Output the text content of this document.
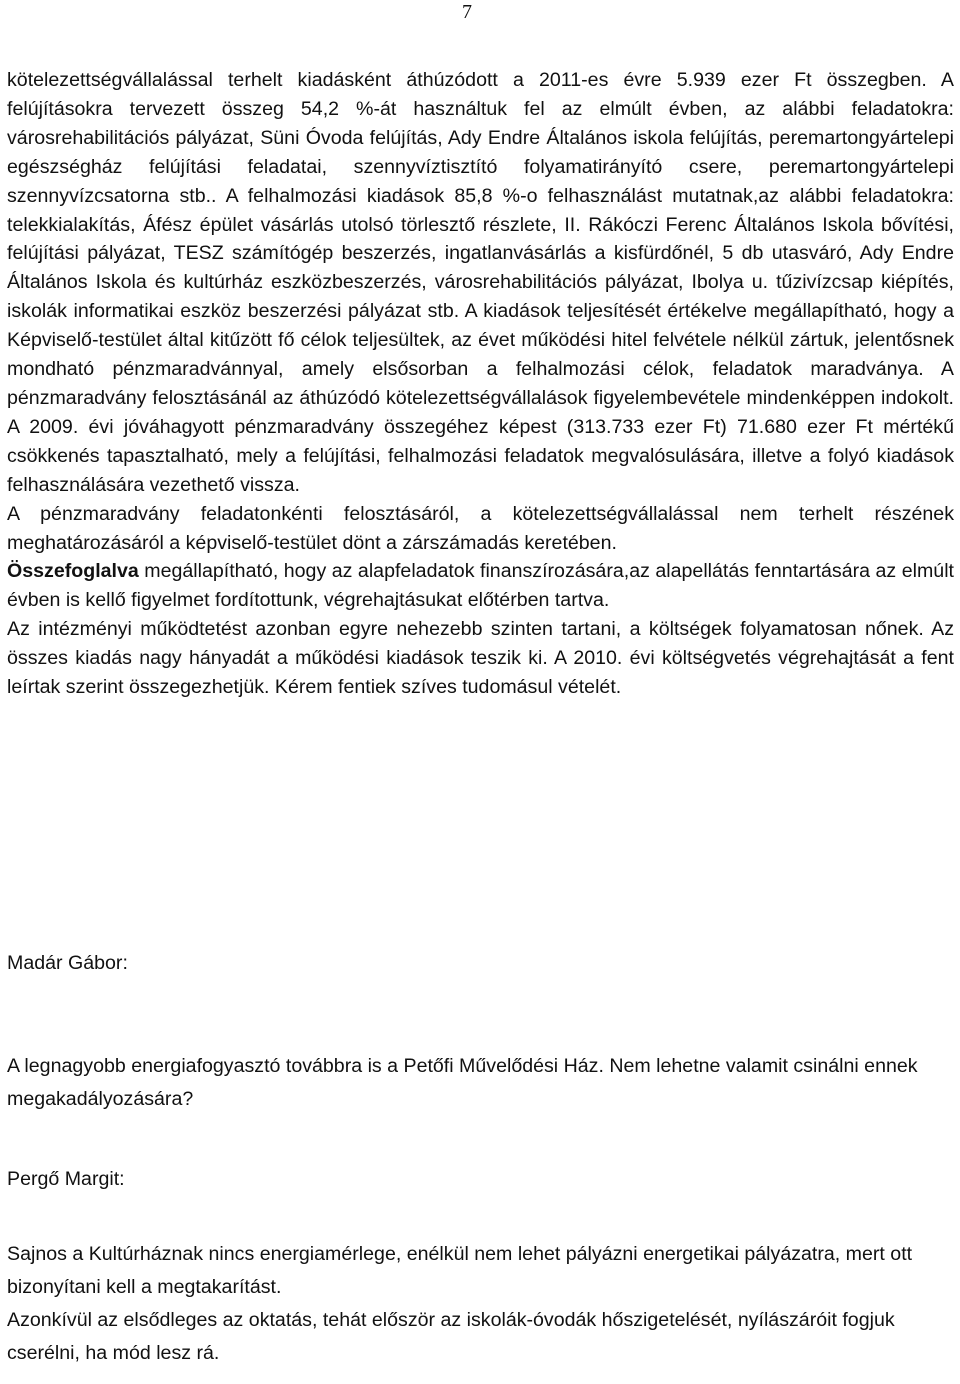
7

kötelezettségvállalással terhelt kiadásként áthúzódott a 2011-es évre 5.939 ezer Ft összegben. A felújításokra tervezett összeg 54,2 %-át használtuk fel az elmúlt évben, az alábbi feladatokra: városrehabilitációs pályázat, Süni Óvoda felújítás, Ady Endre Általános iskola felújítás, peremartongyártelepi egészségház felújítási feladatai, szennyvíztisztító folyamatirányító csere, peremartongyártelepi szennyvízcsatorna stb.. A felhalmozási kiadások 85,8 %-o felhasználást mutatnak,az alábbi feladatokra: telekkialakítás, Áfész épület vásárlás utolsó törlesztő részlete, II. Rákóczi Ferenc Általános Iskola bővítési, felújítási pályázat, TESZ számítógép beszerzés, ingatlanvásárlás a kisfürdőnél, 5 db utasváró, Ady Endre Általános Iskola és kultúrház eszközbeszerzés, városrehabilitációs pályázat, Ibolya u. tűzivízcsap kiépítés, iskolák informatikai eszköz beszerzési pályázat stb. A kiadások teljesítését értékelve megállapítható, hogy a Képviselő-testület által kitűzött fő célok teljesültek, az évet működési hitel felvétele nélkül zártuk, jelentősnek mondható pénzmaradvánnyal, amely elsősorban a felhalmozási célok, feladatok maradványa. A pénzmaradvány felosztásánál az áthúzódó kötelezettségvállalások figyelembevétele mindenképpen indokolt. A 2009. évi jóváhagyott pénzmaradvány összegéhez képest (313.733 ezer Ft) 71.680 ezer Ft mértékű csökkenés tapasztalható, mely a felújítási, felhalmozási feladatok megvalósulására, illetve a folyó kiadások felhasználására vezethető vissza.

A pénzmaradvány feladatonkénti felosztásáról, a kötelezettségvállalással nem terhelt részének meghatározásáról a képviselő-testület dönt a zárszámadás keretében.

Összefoglalva megállapítható, hogy az alapfeladatok finanszírozására,az alapellátás fenntartására az elmúlt évben is kellő figyelmet fordítottunk, végrehajtásukat előtérben tartva.

Az intézményi működtetést azonban egyre nehezebb szinten tartani, a költségek folyamatosan nőnek. Az összes kiadás nagy hányadát a működési kiadások teszik ki. A 2010. évi költségvetés végrehajtását a fent leírtak szerint összegezhetjük. Kérem fentiek szíves tudomásul vételét.

Madár Gábor:

A legnagyobb energiafogyasztó továbbra is a Petőfi Művelődési Ház. Nem lehetne valamit csinálni ennek megakadályozására?

Pergő Margit:

Sajnos a Kultúrháznak nincs energiamérlege, enélkül nem lehet pályázni energetikai pályázatra, mert ott bizonyítani kell a megtakarítást.

Azonkívül az elsődleges az oktatás, tehát először az iskolák-óvodák hőszigetelését, nyílászáróit fogjuk cserélni, ha mód lesz rá.
